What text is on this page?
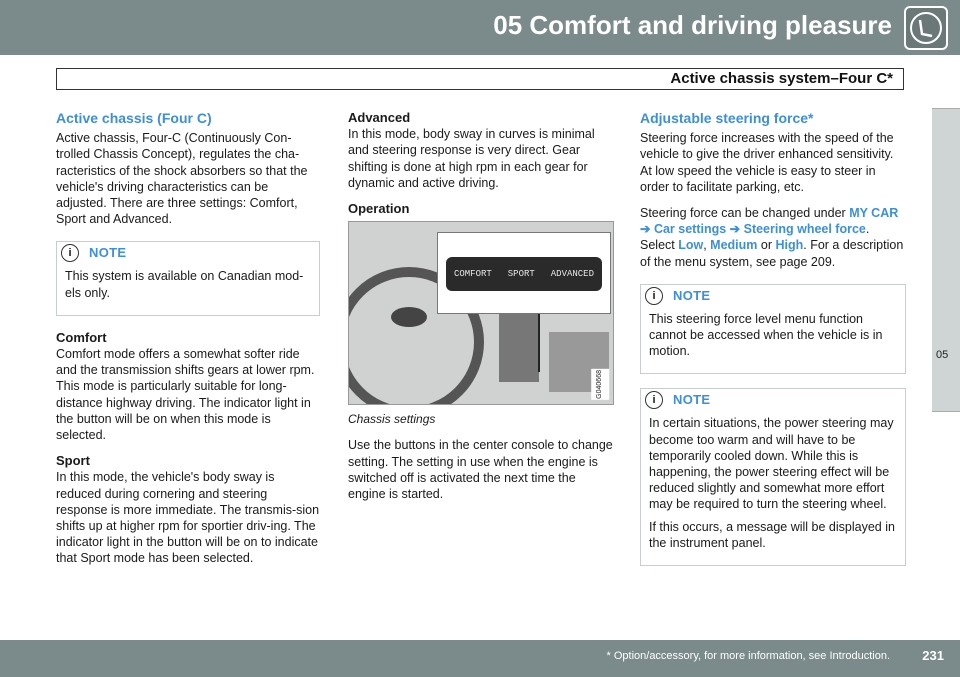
05 Comfort and driving pleasure
Active chassis system–Four C*
05
Active chassis (Four C)

Active chassis, Four-C (Continuously Con-trolled Chassis Concept), regulates the cha-racteristics of the shock absorbers so that the vehicle's driving characteristics can be adjusted. There are three settings: Comfort, Sport and Advanced.

i	NOTE

This system is available on Canadian mod-els only.

Comfort

Comfort mode offers a somewhat softer ride and the transmission shifts gears at lower rpm. This mode is particularly suitable for long-distance highway driving. The indicator light in the button will be on when this mode is selected.

Sport

In this mode, the vehicle's body sway is reduced during cornering and steering response is more immediate. The transmis-sion shifts up at higher rpm for sportier driv-ing. The indicator light in the button will be on to indicate that Sport mode has been selected.

Advanced

In this mode, body sway in curves is minimal and steering response is very direct. Gear shifting is done at high rpm in each gear for dynamic and active driving.

Operation
COMFORT SPORT ADVANCED
G040668
Chassis settings

Use the buttons in the center console to change setting. The setting in use when the engine is switched off is activated the next time the engine is started.

Adjustable steering force*

Steering force increases with the speed of the vehicle to give the driver enhanced sensitivity. At low speed the vehicle is easy to steer in order to facilitate parking, etc.

Steering force can be changed under MY CAR ➔ Car settings ➔ Steering wheel force. Select Low, Medium or High. For a description of the menu system, see page 209.

i	NOTE

This steering force level menu function cannot be accessed when the vehicle is in motion.

i	NOTE

In certain situations, the power steering may become too warm and will have to be temporarily cooled down. While this is happening, the power steering effect will be reduced slightly and somewhat more effort may be required to turn the steering wheel.

If this occurs, a message will be displayed in the instrument panel.

* Option/accessory, for more information, see Introduction. 231
